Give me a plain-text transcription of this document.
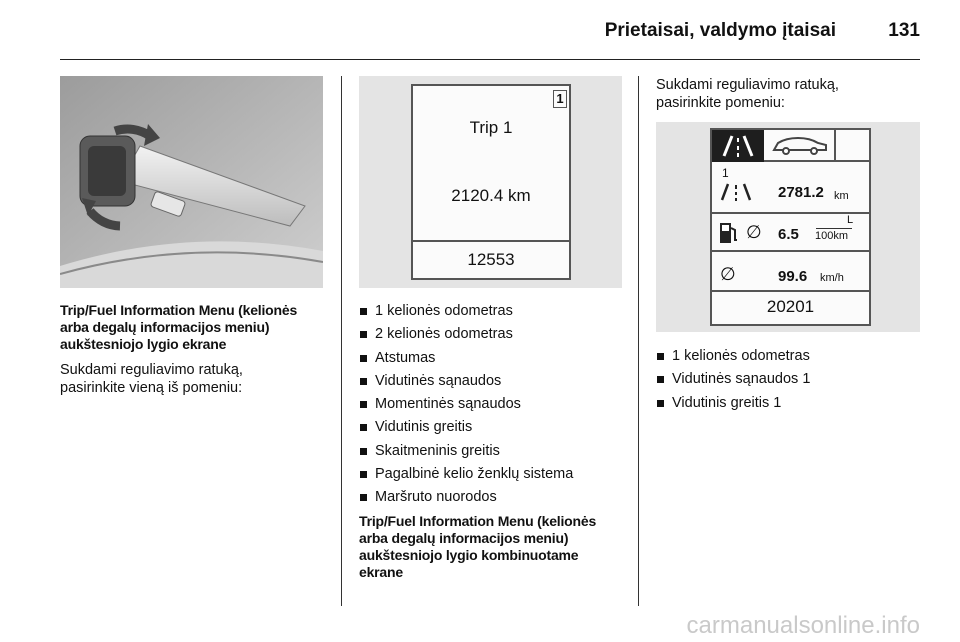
Prietaisai, valdymo įtaisai	131
Trip/Fuel Information Menu (kelionės
arba degalų informacijos meniu)
aukštesniojo lygio ekrane
Sukdami reguliavimo ratuką,
pasirinkite vieną iš pomeniu:
1
Trip 1
2120.4 km
12553
1 kelionės odometras
2 kelionės odometras
Atstumas
Vidutinės sąnaudos
Momentinės sąnaudos
Vidutinis greitis
Skaitmeninis greitis
Pagalbinė kelio ženklų sistema
Maršruto nuorodos
Trip/Fuel Information Menu (kelionės
arba degalų informacijos meniu)
aukštesniojo lygio kombinuotame
ekrane
Sukdami reguliavimo ratuką,
pasirinkite pomeniu:
1
2781.2 km
∅ 6.5
L
100km
∅	99.6 km/h
20201
1 kelionės odometras
Vidutinės sąnaudos 1
Vidutinis greitis 1
carmanualsonline.info
